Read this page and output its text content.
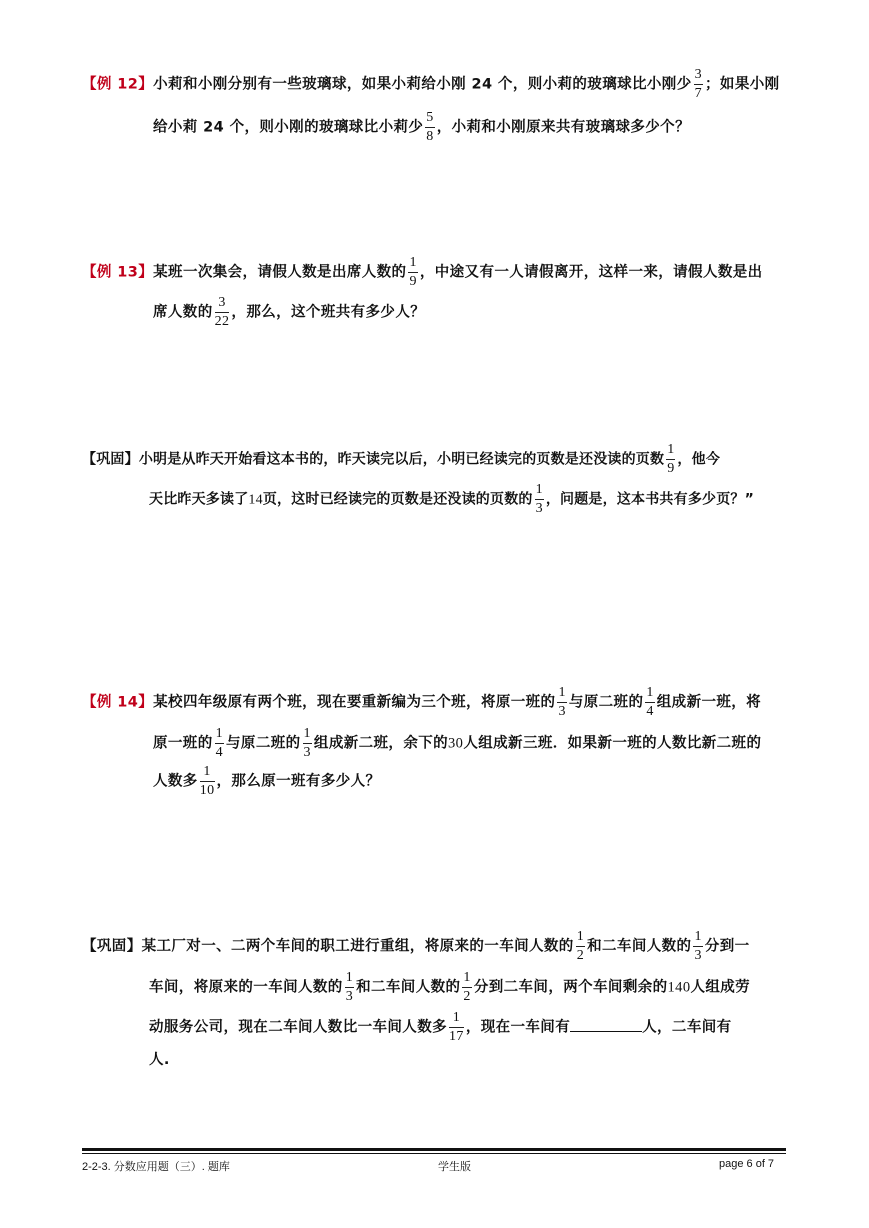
【例 12】小莉和小刚分别有一些玻璃球，如果小莉给小刚 24 个，则小莉的玻璃球比小刚少 $\frac{3}{7}$ ；如果小刚
给小莉 24 个，则小刚的玻璃球比小莉少 $\frac{5}{8}$ ，小莉和小刚原来共有玻璃球多少个？
【例 13】某班一次集会，请假人数是出席人数的 $\frac{1}{9}$ ，中途又有一人请假离开，这样一来，请假人数是出
席人数的 $\frac{3}{22}$ ，那么，这个班共有多少人？
【巩固】小明是从昨天开始看这本书的，昨天读完以后，小明已经读完的页数是还没读的页数 $\frac{1}{9}$ ，他今
天比昨天多读了14页，这时已经读完的页数是还没读的页数的 $\frac{1}{3}$ ，问题是，这本书共有多少页？”
【例 14】某校四年级原有两个班，现在要重新编为三个班，将原一班的 $\frac{1}{3}$ 与原二班的 $\frac{1}{4}$ 组成新一班，将
原一班的 $\frac{1}{4}$ 与原二班的 $\frac{1}{3}$ 组成新二班，余下的30人组成新三班．如果新一班的人数比新二班的
人数多 $\frac{1}{10}$ ，那么原一班有多少人？
【巩固】某工厂对一、二两个车间的职工进行重组，将原来的一车间人数的 $\frac{1}{2}$ 和二车间人数的 $\frac{1}{3}$ 分到一
车间，将原来的一车间人数的 $\frac{1}{3}$ 和二车间人数的 $\frac{1}{2}$ 分到二车间，两个车间剩余的140人组成劳
动服务公司，现在二车间人数比一车间人数多 $\frac{1}{17}$ ，现在一车间有	人，二车间有
人.
2-2-3. 分数应用题（三）. 题库	学生版	page 6 of 7
